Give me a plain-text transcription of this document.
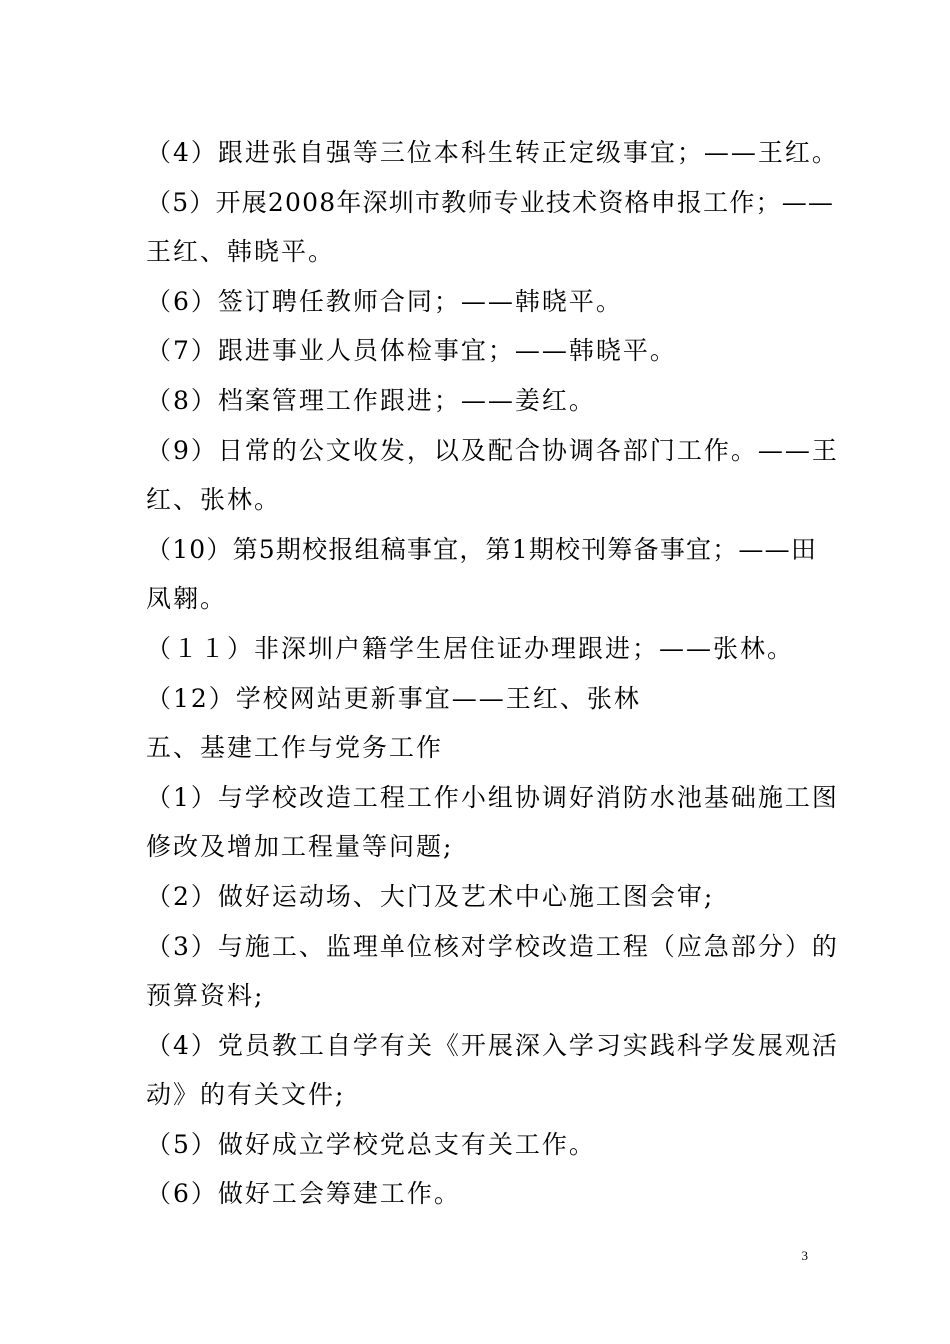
（4）跟进张自强等三位本科生转正定级事宜；——王红。
（5）开展2008年深圳市教师专业技术资格申报工作；——
王红、韩晓平。
（6）签订聘任教师合同；——韩晓平。
（7）跟进事业人员体检事宜；——韩晓平。
（8）档案管理工作跟进；——姜红。
（9）日常的公文收发，以及配合协调各部门工作。——王
红、张林。
（10）第5期校报组稿事宜，第1期校刊筹备事宜；——田
凤翱。
（１１）非深圳户籍学生居住证办理跟进；——张林。
（12）学校网站更新事宜——王红、张林
五、基建工作与党务工作
（1）与学校改造工程工作小组协调好消防水池基础施工图
修改及增加工程量等问题;
（2）做好运动场、大门及艺术中心施工图会审;
（3）与施工、监理单位核对学校改造工程（应急部分）的
预算资料;
（4）党员教工自学有关《开展深入学习实践科学发展观活
动》的有关文件;
（5）做好成立学校党总支有关工作。
（6）做好工会筹建工作。
3
